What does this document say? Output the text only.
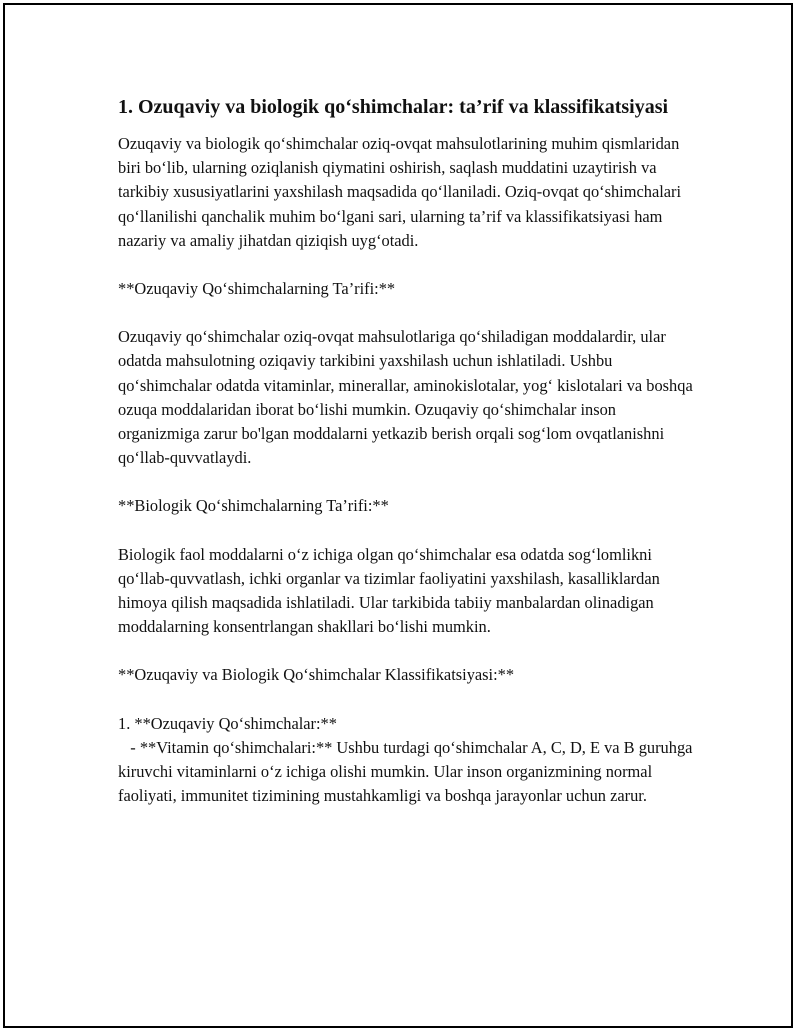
1. Ozuqaviy va biologik qo‘shimchalar: ta’rif va klassifikatsiyasi
Ozuqaviy va biologik qo‘shimchalar oziq-ovqat mahsulotlarining muhim qismlaridan biri bo‘lib, ularning oziqlanish qiymatini oshirish, saqlash muddatini uzaytirish va tarkibiy xususiyatlarini yaxshilash maqsadida qo‘llaniladi. Oziq-ovqat qo‘shimchalari qo‘llanilishi qanchalik muhim bo‘lgani sari, ularning ta’rif va klassifikatsiyasi ham nazariy va amaliy jihatdan qiziqish uyg‘otadi.
**Ozuqaviy Qo‘shimchalarning Ta’rifi:**
Ozuqaviy qo‘shimchalar oziq-ovqat mahsulotlariga qo‘shiladigan moddalardir, ular odatda mahsulotning oziqaviy tarkibini yaxshilash uchun ishlatiladi. Ushbu qo‘shimchalar odatda vitaminlar, minerallar, aminokislotalar, yog‘ kislotalari va boshqa ozuqa moddalaridan iborat bo‘lishi mumkin. Ozuqaviy qo‘shimchalar inson organizmiga zarur bo'lgan moddalarni yetkazib berish orqali sog‘lom ovqatlanishni qo‘llab-quvvatlaydi.
**Biologik Qo‘shimchalarning Ta’rifi:**
Biologik faol moddalarni o‘z ichiga olgan qo‘shimchalar esa odatda sog‘lomlikni qo‘llab-quvvatlash, ichki organlar va tizimlar faoliyatini yaxshilash, kasalliklardan himoya qilish maqsadida ishlatiladi. Ular tarkibida tabiiy manbalardan olinadigan moddalarning konsentrlangan shakllari bo‘lishi mumkin.
**Ozuqaviy va Biologik Qo‘shimchalar Klassifikatsiyasi:**
1. **Ozuqaviy Qo‘shimchalar:**
- **Vitamin qo‘shimchalari:** Ushbu turdagi qo‘shimchalar A, C, D, E va B guruhga kiruvchi vitaminlarni o‘z ichiga olishi mumkin. Ular inson organizmining normal faoliyati, immunitet tizimining mustahkamligi va boshqa jarayonlar uchun zarur.
